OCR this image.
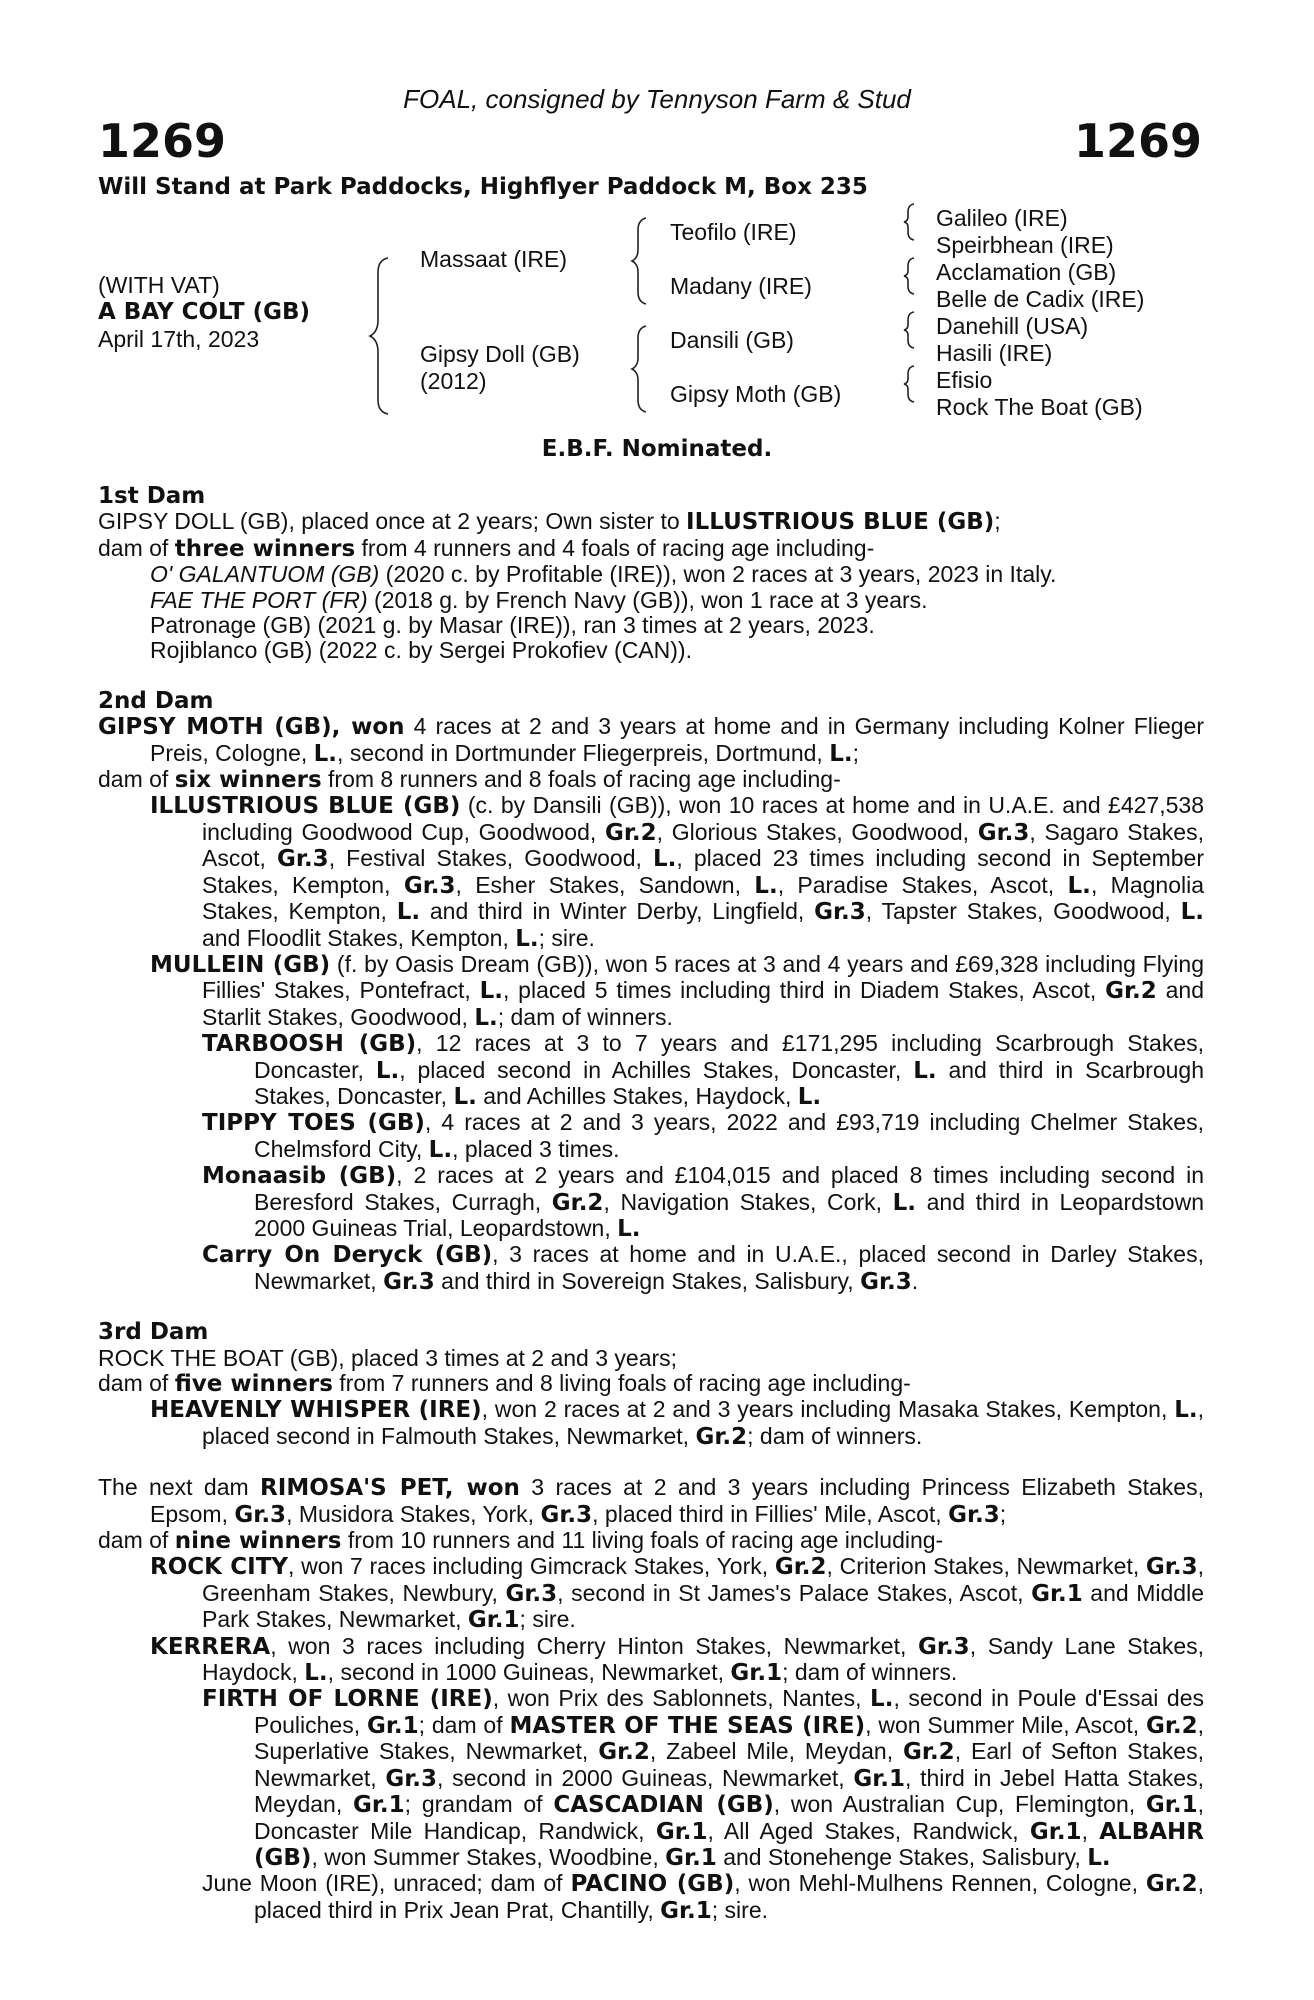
FOAL, consigned by Tennyson Farm & Stud
1269	1269
Will Stand at Park Paddocks, Highflyer Paddock M, Box 235
(WITH VAT)
A BAY COLT (GB)
April 17th, 2023
Massaat (IRE)
Gipsy Doll (GB)
(2012)
Teofilo (IRE)
Madany (IRE)
Dansili (GB)
Gipsy Moth (GB)
Galileo (IRE)
Speirbhean (IRE)
Acclamation (GB)
Belle de Cadix (IRE)
Danehill (USA)
Hasili (IRE)
Efisio
Rock The Boat (GB)
E.B.F. Nominated.

1st Dam

GIPSY DOLL (GB), placed once at 2 years; Own sister to ILLUSTRIOUS BLUE (GB);

dam of three winners from 4 runners and 4 foals of racing age including-

O' GALANTUOM (GB) (2020 c. by Profitable (IRE)), won 2 races at 3 years, 2023 in Italy.

FAE THE PORT (FR) (2018 g. by French Navy (GB)), won 1 race at 3 years.

Patronage (GB) (2021 g. by Masar (IRE)), ran 3 times at 2 years, 2023.

Rojiblanco (GB) (2022 c. by Sergei Prokofiev (CAN)).

2nd Dam

GIPSY MOTH (GB), won 4 races at 2 and 3 years at home and in Germany including Kolner Flieger Preis, Cologne, L., second in Dortmunder Fliegerpreis, Dortmund, L.;

dam of six winners from 8 runners and 8 foals of racing age including-

ILLUSTRIOUS BLUE (GB) (c. by Dansili (GB)), won 10 races at home and in U.A.E. and £427,538 including Goodwood Cup, Goodwood, Gr.2, Glorious Stakes, Goodwood, Gr.3, Sagaro Stakes, Ascot, Gr.3, Festival Stakes, Goodwood, L., placed 23 times including second in September Stakes, Kempton, Gr.3, Esher Stakes, Sandown, L., Paradise Stakes, Ascot, L., Magnolia Stakes, Kempton, L. and third in Winter Derby, Lingfield, Gr.3, Tapster Stakes, Goodwood, L. and Floodlit Stakes, Kempton, L.; sire.

MULLEIN (GB) (f. by Oasis Dream (GB)), won 5 races at 3 and 4 years and £69,328 including Flying Fillies' Stakes, Pontefract, L., placed 5 times including third in Diadem Stakes, Ascot, Gr.2 and Starlit Stakes, Goodwood, L.; dam of winners.

TARBOOSH (GB), 12 races at 3 to 7 years and £171,295 including Scarbrough Stakes, Doncaster, L., placed second in Achilles Stakes, Doncaster, L. and third in Scarbrough Stakes, Doncaster, L. and Achilles Stakes, Haydock, L.

TIPPY TOES (GB), 4 races at 2 and 3 years, 2022 and £93,719 including Chelmer Stakes, Chelmsford City, L., placed 3 times.

Monaasib (GB), 2 races at 2 years and £104,015 and placed 8 times including second in Beresford Stakes, Curragh, Gr.2, Navigation Stakes, Cork, L. and third in Leopardstown 2000 Guineas Trial, Leopardstown, L.

Carry On Deryck (GB), 3 races at home and in U.A.E., placed second in Darley Stakes, Newmarket, Gr.3 and third in Sovereign Stakes, Salisbury, Gr.3.

3rd Dam

ROCK THE BOAT (GB), placed 3 times at 2 and 3 years;

dam of five winners from 7 runners and 8 living foals of racing age including-

HEAVENLY WHISPER (IRE), won 2 races at 2 and 3 years including Masaka Stakes, Kempton, L., placed second in Falmouth Stakes, Newmarket, Gr.2; dam of winners.

The next dam RIMOSA'S PET, won 3 races at 2 and 3 years including Princess Elizabeth Stakes, Epsom, Gr.3, Musidora Stakes, York, Gr.3, placed third in Fillies' Mile, Ascot, Gr.3;

dam of nine winners from 10 runners and 11 living foals of racing age including-

ROCK CITY, won 7 races including Gimcrack Stakes, York, Gr.2, Criterion Stakes, Newmarket, Gr.3, Greenham Stakes, Newbury, Gr.3, second in St James's Palace Stakes, Ascot, Gr.1 and Middle Park Stakes, Newmarket, Gr.1; sire.

KERRERA, won 3 races including Cherry Hinton Stakes, Newmarket, Gr.3, Sandy Lane Stakes, Haydock, L., second in 1000 Guineas, Newmarket, Gr.1; dam of winners.

FIRTH OF LORNE (IRE), won Prix des Sablonnets, Nantes, L., second in Poule d'Essai des Pouliches, Gr.1; dam of MASTER OF THE SEAS (IRE), won Summer Mile, Ascot, Gr.2, Superlative Stakes, Newmarket, Gr.2, Zabeel Mile, Meydan, Gr.2, Earl of Sefton Stakes, Newmarket, Gr.3, second in 2000 Guineas, Newmarket, Gr.1, third in Jebel Hatta Stakes, Meydan, Gr.1; grandam of CASCADIAN (GB), won Australian Cup, Flemington, Gr.1, Doncaster Mile Handicap, Randwick, Gr.1, All Aged Stakes, Randwick, Gr.1, ALBAHR (GB), won Summer Stakes, Woodbine, Gr.1 and Stonehenge Stakes, Salisbury, L.

June Moon (IRE), unraced; dam of PACINO (GB), won Mehl-Mulhens Rennen, Cologne, Gr.2, placed third in Prix Jean Prat, Chantilly, Gr.1; sire.
